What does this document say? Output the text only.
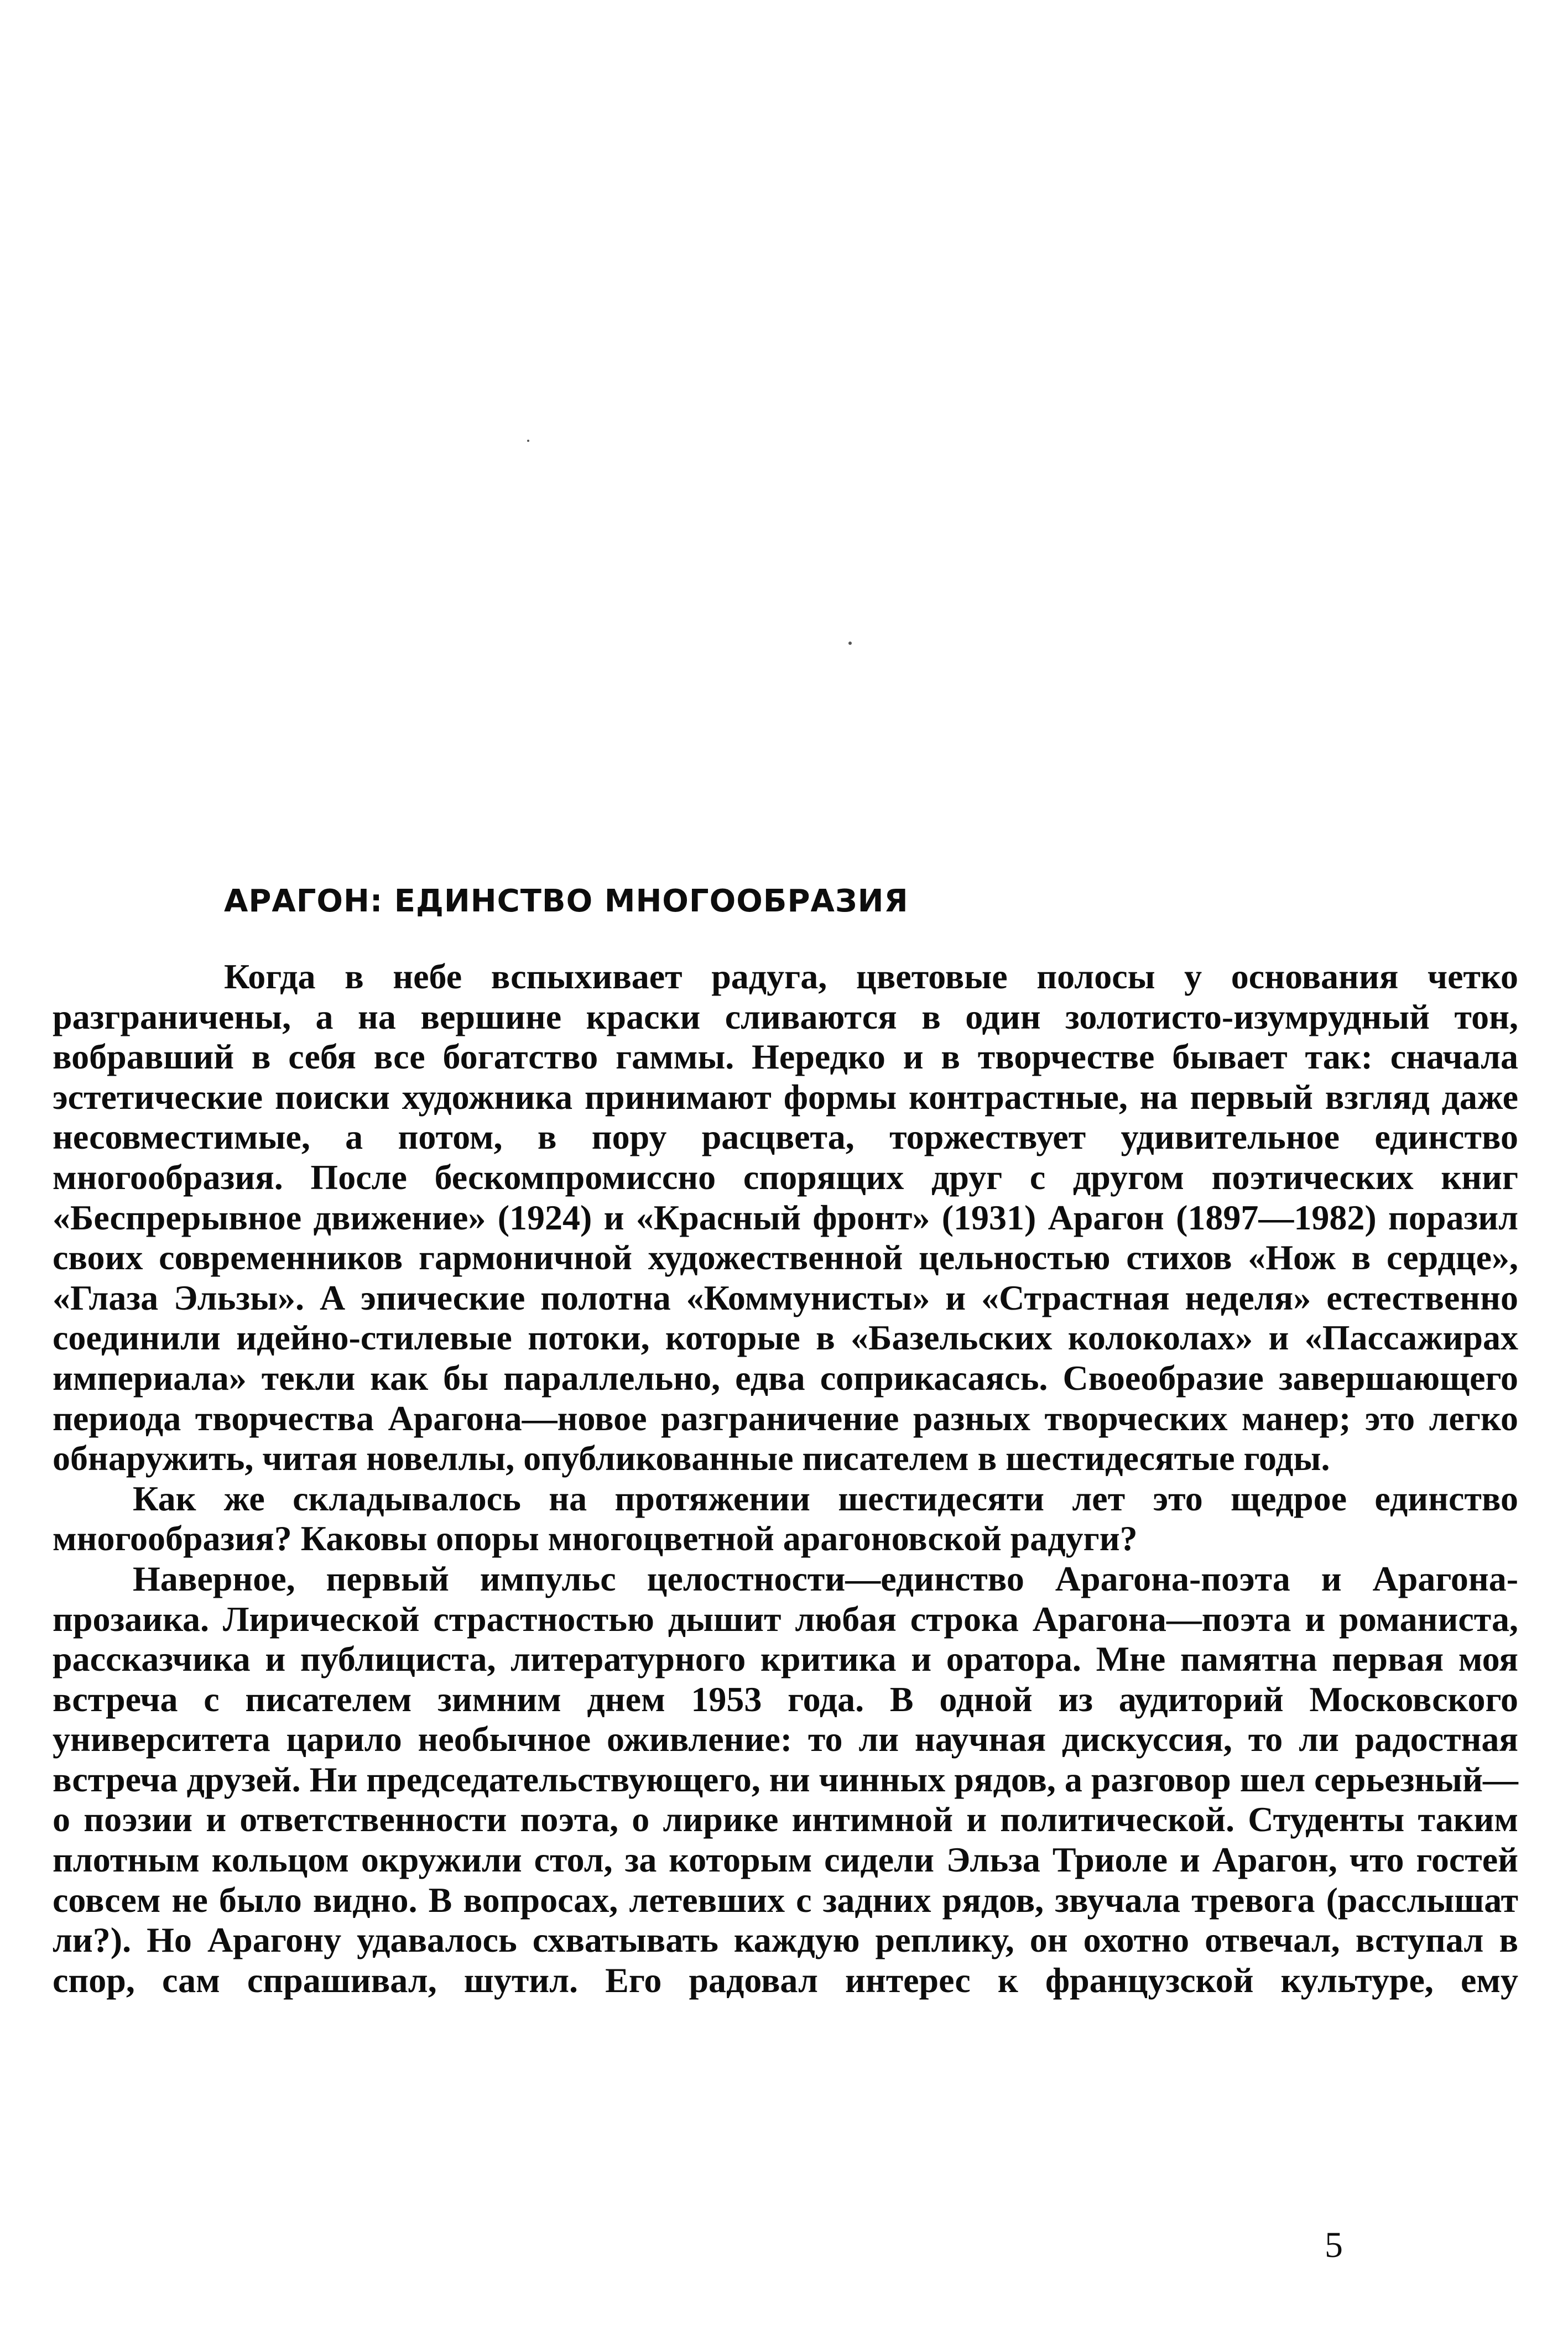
АРАГОН: ЕДИНСТВО МНОГООБРАЗИЯ

Когда в небе вспыхивает радуга, цветовые полосы у основания четко разграничены, а на вершине краски сливаются в один золотисто-изумрудный тон, вобравший в себя все богатство гаммы. Нередко и в творчестве бывает так: сначала эстетические поиски художника принимают формы контрастные, на первый взгляд даже несовместимые, а потом, в пору расцвета, торжествует удивительное единство многообразия. После бескомпромиссно спорящих друг с другом поэтических книг «Беспрерывное движение» (1924) и «Красный фронт» (1931) Арагон (1897—1982) поразил своих современников гармоничной художественной цельностью стихов «Нож в сердце», «Глаза Эльзы». А эпические полотна «Коммунисты» и «Страстная неделя» естественно соединили идейно-стилевые потоки, которые в «Базельских колоколах» и «Пассажирах империала» текли как бы параллельно, едва соприкасаясь. Своеобразие завершающего периода творчества Арагона—новое разграничение разных творческих манер; это легко обнаружить, читая новеллы, опубликованные писателем в шестидесятые годы.

Как же складывалось на протяжении шестидесяти лет это щедрое единство многообразия? Каковы опоры многоцветной арагоновской радуги?

Наверное, первый импульс целостности—единство Арагона-поэта и Арагона-прозаика. Лирической страстностью дышит любая строка Арагона—поэта и романиста, рассказчика и публициста, литературного критика и оратора. Мне памятна первая моя встреча с писателем зимним днем 1953 года. В одной из аудиторий Московского университета царило необычное оживление: то ли научная дискуссия, то ли радостная встреча друзей. Ни председательствующего, ни чинных рядов, а разговор шел серьезный—о поэзии и ответственности поэта, о лирике интимной и политической. Студенты таким плотным кольцом окружили стол, за которым сидели Эльза Триоле и Арагон, что гостей совсем не было видно. В вопросах, летевших с задних рядов, звучала тревога (расслышат ли?). Но Арагону удавалось схватывать каждую реплику, он охотно отвечал, вступал в спор, сам спрашивал, шутил. Его радовал интерес к французской культуре, ему

5
